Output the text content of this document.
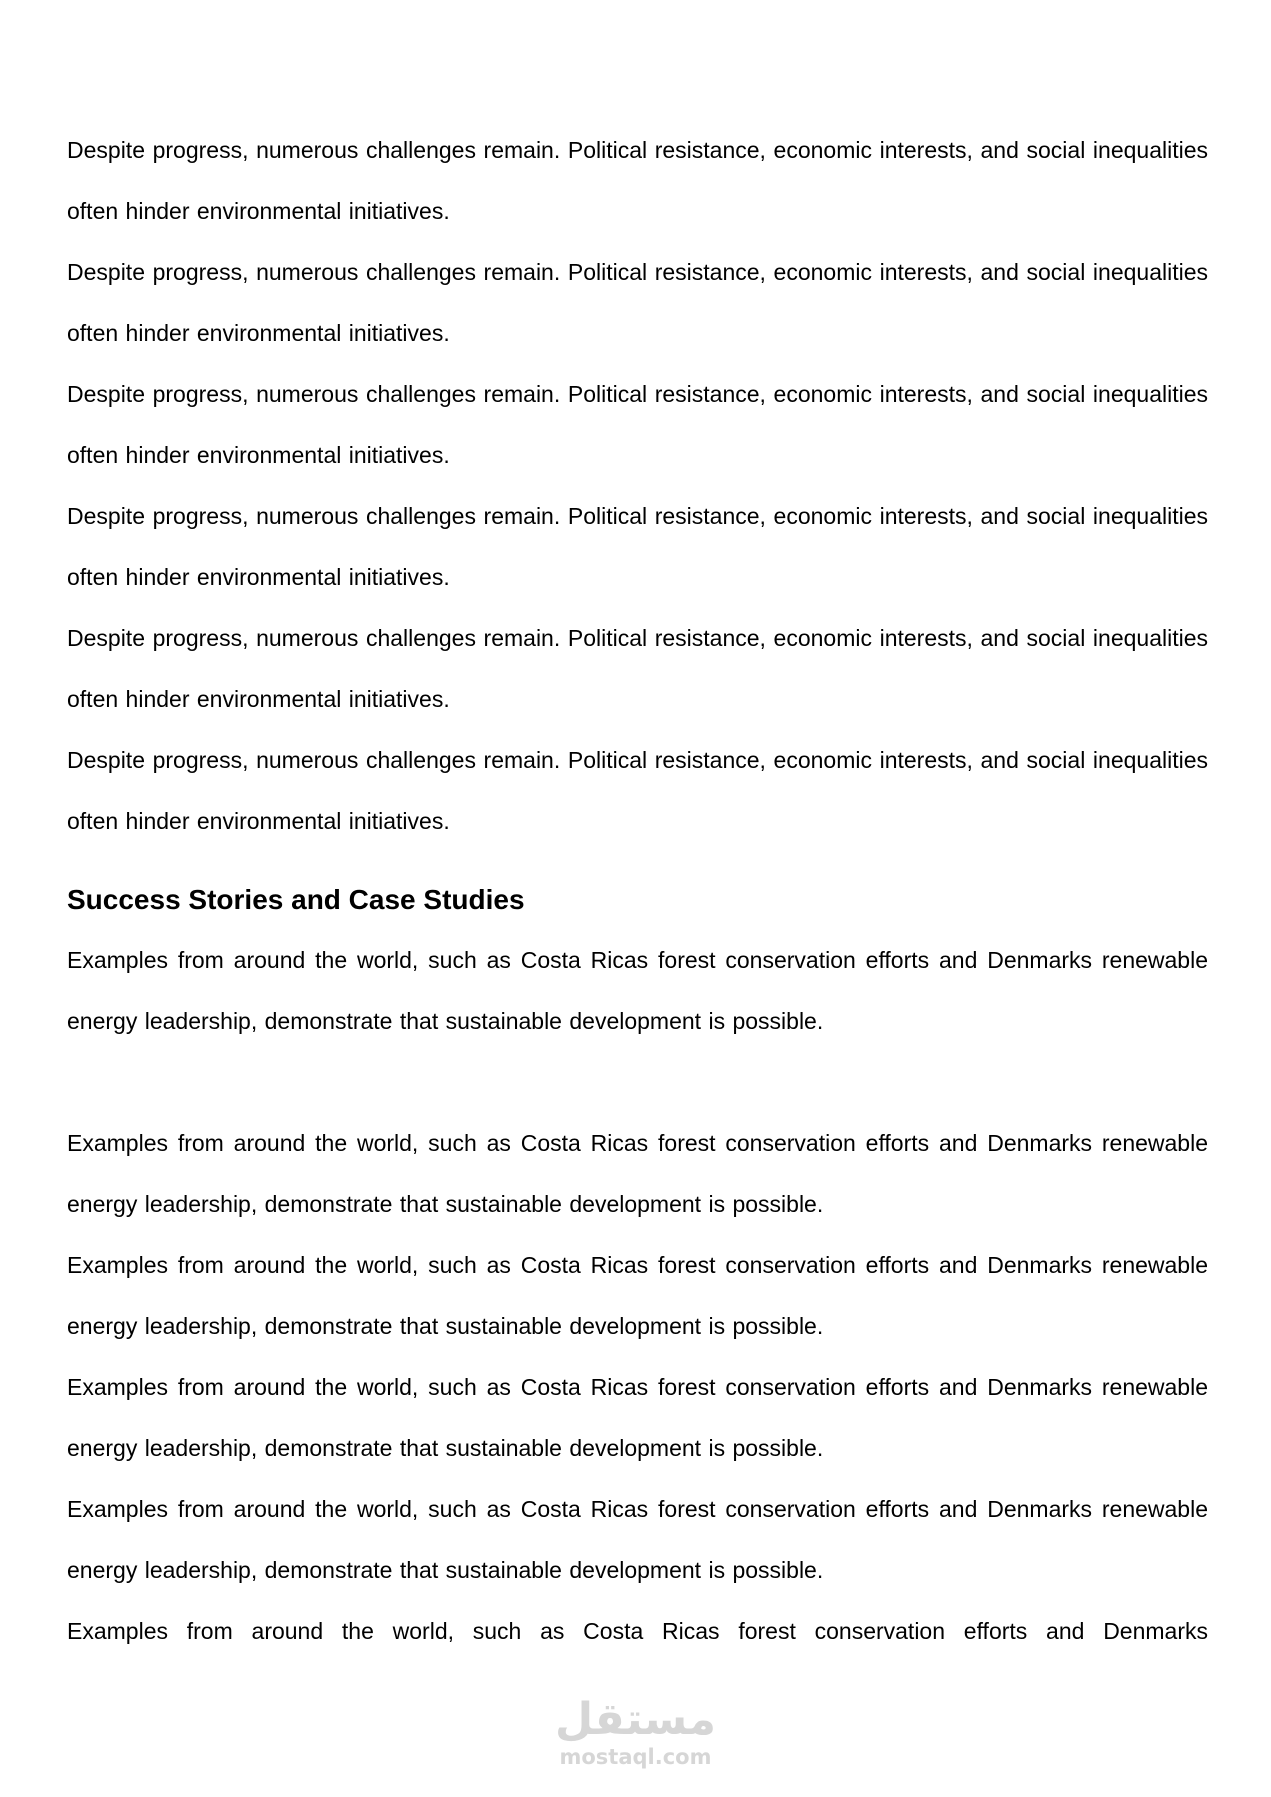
Despite progress, numerous challenges remain. Political resistance, economic interests, and social inequalities often hinder environmental initiatives.

Despite progress, numerous challenges remain. Political resistance, economic interests, and social inequalities often hinder environmental initiatives.

Despite progress, numerous challenges remain. Political resistance, economic interests, and social inequalities often hinder environmental initiatives.

Despite progress, numerous challenges remain. Political resistance, economic interests, and social inequalities often hinder environmental initiatives.

Despite progress, numerous challenges remain. Political resistance, economic interests, and social inequalities often hinder environmental initiatives.

Despite progress, numerous challenges remain. Political resistance, economic interests, and social inequalities often hinder environmental initiatives.

Success Stories and Case Studies

Examples from around the world, such as Costa Ricas forest conservation efforts and Denmarks renewable energy leadership, demonstrate that sustainable development is possible.

Examples from around the world, such as Costa Ricas forest conservation efforts and Denmarks renewable energy leadership, demonstrate that sustainable development is possible.

Examples from around the world, such as Costa Ricas forest conservation efforts and Denmarks renewable energy leadership, demonstrate that sustainable development is possible.

Examples from around the world, such as Costa Ricas forest conservation efforts and Denmarks renewable energy leadership, demonstrate that sustainable development is possible.

Examples from around the world, such as Costa Ricas forest conservation efforts and Denmarks renewable energy leadership, demonstrate that sustainable development is possible.

Examples from around the world, such as Costa Ricas forest conservation efforts and Denmarks

مستقل
mostaql.com
